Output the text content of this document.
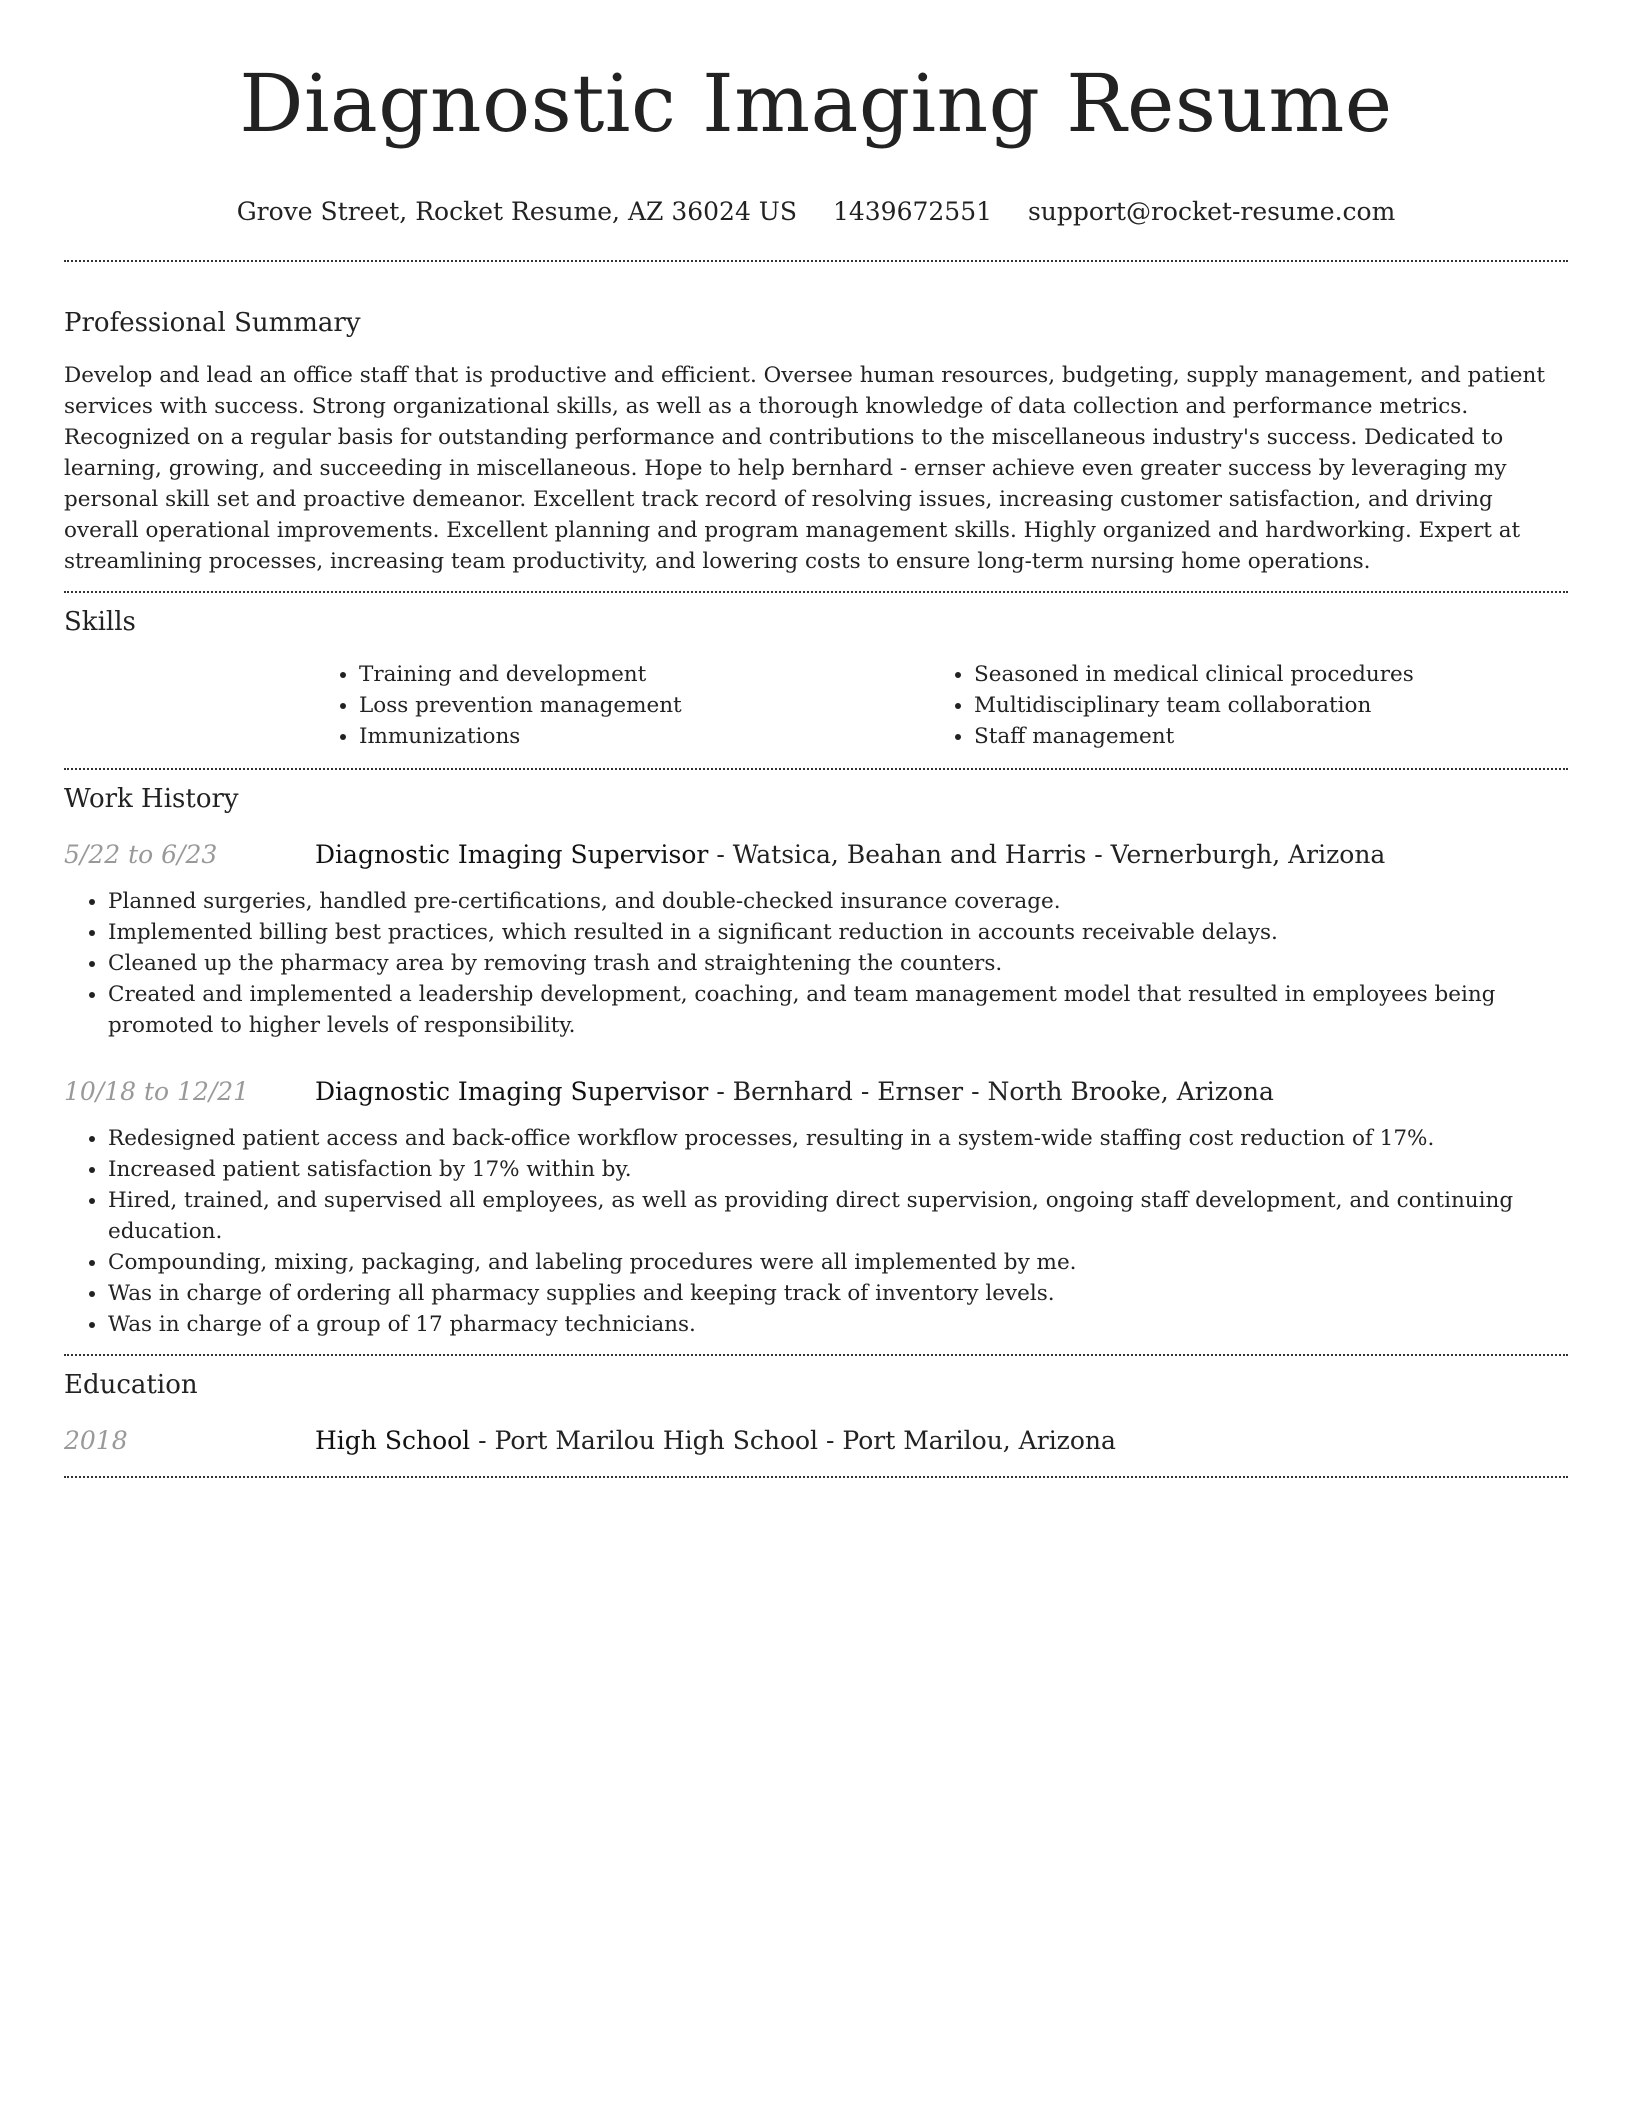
Diagnostic Imaging Resume
Grove Street, Rocket Resume, AZ 36024 US 1439672551 support@rocket-resume.com
Professional Summary

Develop and lead an office staff that is productive and efficient. Oversee human resources, budgeting, supply management, and patient services with success. Strong organizational skills, as well as a thorough knowledge of data collection and performance metrics. Recognized on a regular basis for outstanding performance and contributions to the miscellaneous industry's success. Dedicated to learning, growing, and succeeding in miscellaneous. Hope to help bernhard - ernser achieve even greater success by leveraging my personal skill set and proactive demeanor. Excellent track record of resolving issues, increasing customer satisfaction, and driving overall operational improvements. Excellent planning and program management skills. Highly organized and hardworking. Expert at streamlining processes, increasing team productivity, and lowering costs to ensure long-term nursing home operations.

Skills
• Training and development
• Loss prevention management
• Immunizations
• Seasoned in medical clinical procedures
• Multidisciplinary team collaboration
• Staff management
Work History
5/22 to 6/23	Diagnostic Imaging Supervisor - Watsica, Beahan and Harris - Vernerburgh, Arizona
• Planned surgeries, handled pre-certifications, and double-checked insurance coverage.
• Implemented billing best practices, which resulted in a significant reduction in accounts receivable delays.
• Cleaned up the pharmacy area by removing trash and straightening the counters.
• Created and implemented a leadership development, coaching, and team management model that resulted in employees being promoted to higher levels of responsibility.
10/18 to 12/21	Diagnostic Imaging Supervisor - Bernhard - Ernser - North Brooke, Arizona
• Redesigned patient access and back-office workflow processes, resulting in a system-wide staffing cost reduction of 17%.
• Increased patient satisfaction by 17% within by.
• Hired, trained, and supervised all employees, as well as providing direct supervision, ongoing staff development, and continuing education.
• Compounding, mixing, packaging, and labeling procedures were all implemented by me.
• Was in charge of ordering all pharmacy supplies and keeping track of inventory levels.
• Was in charge of a group of 17 pharmacy technicians.
Education
2018	High School - Port Marilou High School - Port Marilou, Arizona
